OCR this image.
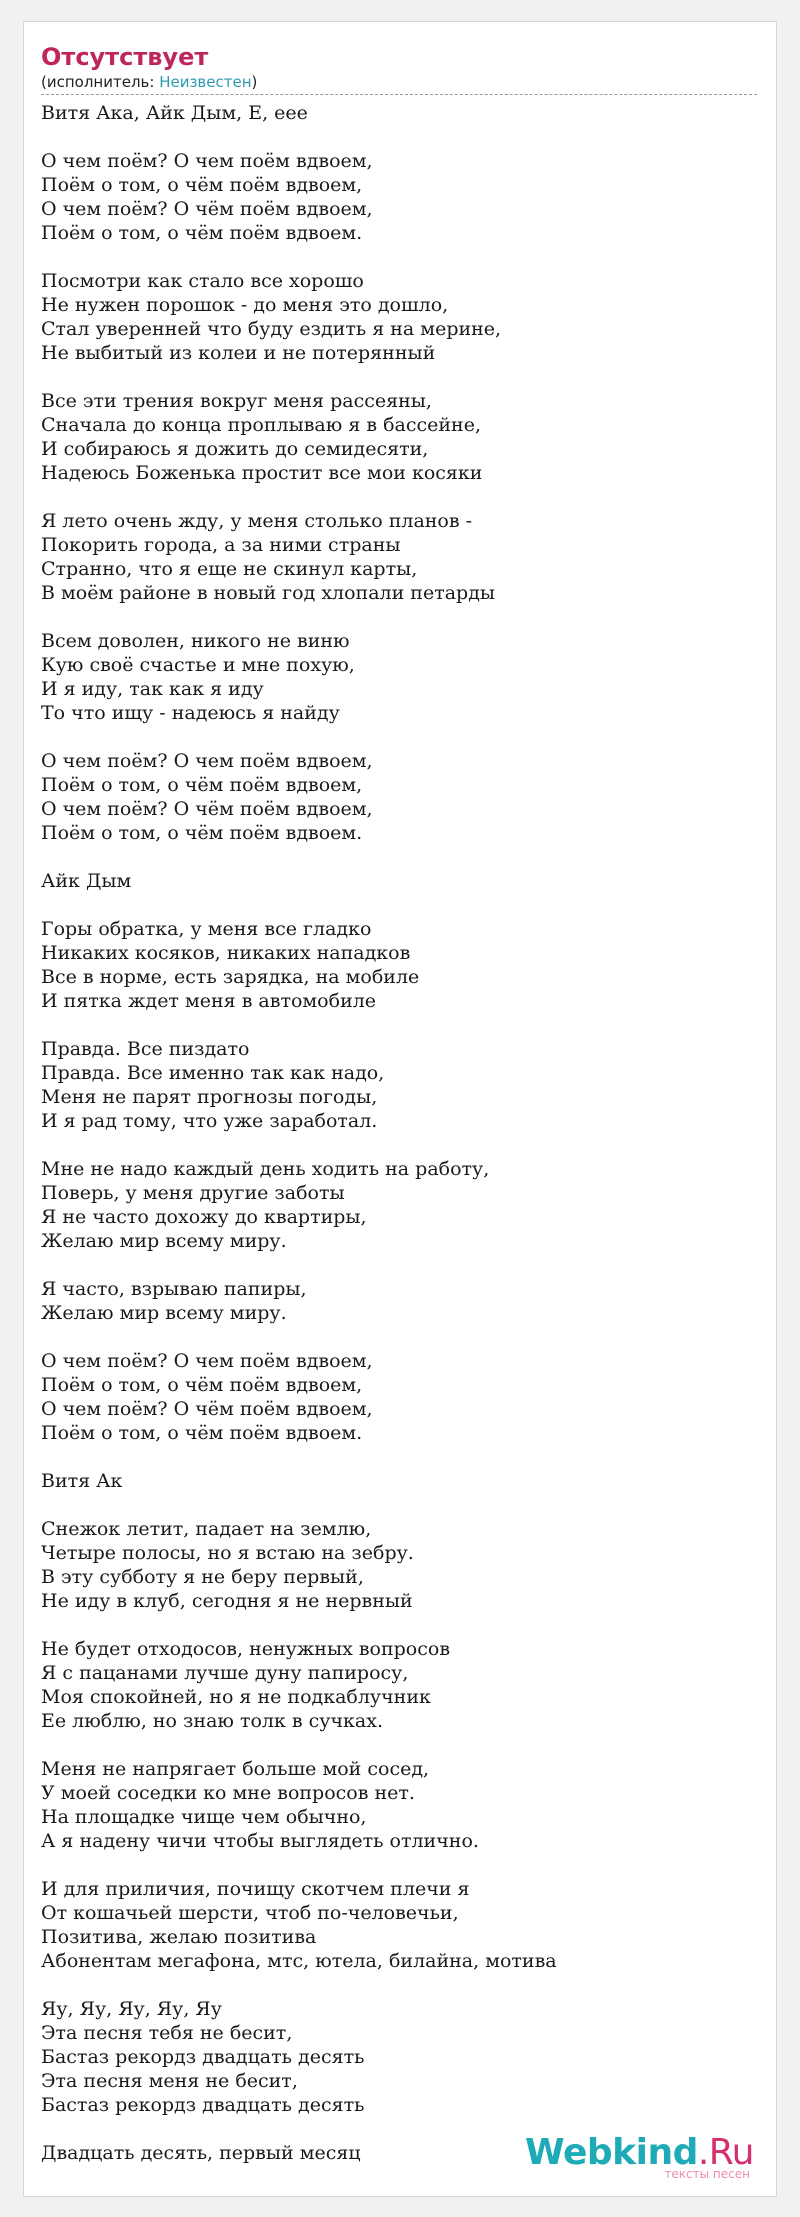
Отсутствует
(исполнитель: Неизвестен)
Витя Ака, Айк Дым, Е, еее

О чем поём? О чем поём вдвоем,
Поём о том, о чём поём вдвоем,
О чем поём? О чём поём вдвоем,
Поём о том, о чём поём вдвоем.

Посмотри как стало все хорошо
Не нужен порошок - до меня это дошло,
Стал уверенней что буду ездить я на мерине,
Не выбитый из колеи и не потерянный

Все эти трения вокруг меня рассеяны,
Сначала до конца проплываю я в бассейне,
И собираюсь я дожить до семидесяти,
Надеюсь Боженька простит все мои косяки

Я лето очень жду, у меня столько планов -
Покорить города, а за ними страны
Странно, что я еще не скинул карты,
В моём районе в новый год хлопали петарды

Всем доволен, никого не виню
Кую своё счастье и мне похую,
И я иду, так как я иду
То что ищу - надеюсь я найду

О чем поём? О чем поём вдвоем,
Поём о том, о чём поём вдвоем,
О чем поём? О чём поём вдвоем,
Поём о том, о чём поём вдвоем.

Айк Дым

Горы обратка, у меня все гладко
Никаких косяков, никаких нападков
Все в норме, есть зарядка, на мобиле
И пятка ждет меня в автомобиле

Правда. Все пиздато
Правда. Все именно так как надо,
Меня не парят прогнозы погоды,
И я рад тому, что уже заработал.

Мне не надо каждый день ходить на работу,
Поверь, у меня другие заботы
Я не часто дохожу до квартиры,
Желаю мир всему миру.

Я часто, взрываю папиры,
Желаю мир всему миру.

О чем поём? О чем поём вдвоем,
Поём о том, о чём поём вдвоем,
О чем поём? О чём поём вдвоем,
Поём о том, о чём поём вдвоем.

Витя Ак

Снежок летит, падает на землю,
Четыре полосы, но я встаю на зебру.
В эту субботу я не беру первый,
Не иду в клуб, сегодня я не нервный

Не будет отходосов, ненужных вопросов
Я с пацанами лучше дуну папиросу,
Моя спокойней, но я не подкаблучник
Ее люблю, но знаю толк в сучках.

Меня не напрягает больше мой сосед,
У моей соседки ко мне вопросов нет.
На площадке чище чем обычно,
А я надену чичи чтобы выглядеть отлично.

И для приличия, почищу скотчем плечи я
От кошачьей шерсти, чтоб по-человечьи,
Позитива, желаю позитива
Абонентам мегафона, мтс, ютела, билайна, мотива

Яу, Яу, Яу, Яу, Яу
Эта песня тебя не бесит,
Бастаз рекордз двадцать десять
Эта песня меня не бесит,
Бастаз рекордз двадцать десять

Двадцать десять, первый месяц	Webkind.Ru
тексты песен
